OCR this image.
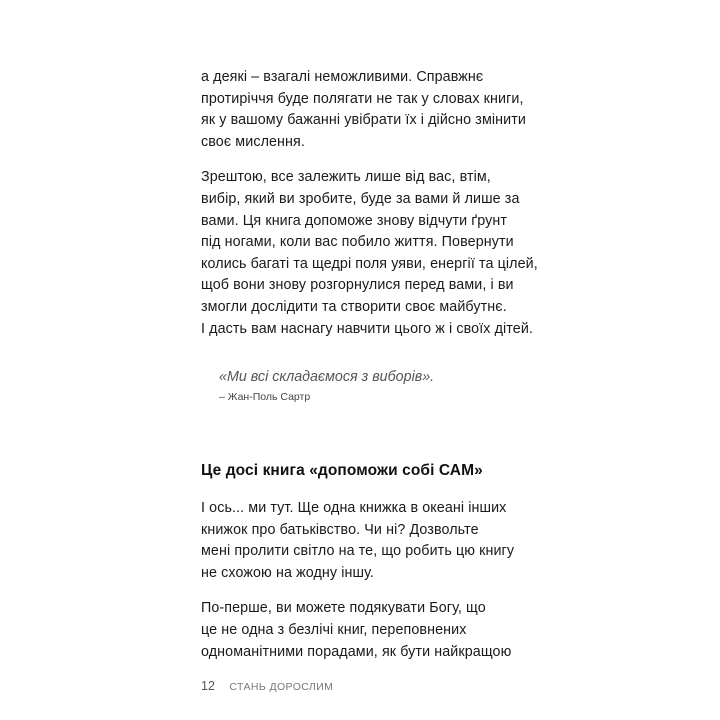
а деякі – взагалі неможливими. Справжнє
протиріччя буде полягати не так у словах книги,
як у вашому бажанні увібрати їх і дійсно змінити
своє мислення.

Зрештою, все залежить лише від вас, втім,
вибір, який ви зробите, буде за вами й лише за
вами. Ця книга допоможе знову відчути ґрунт
під ногами, коли вас побило життя. Повернути
колись багаті та щедрі поля уяви, енергії та цілей,
щоб вони знову розгорнулися перед вами, і ви
змогли дослідити та створити своє майбутнє.
І дасть вам наснагу навчити цього ж і своїх дітей.

«Ми всі складаємося з виборів».
– Жан-Поль Сартр
Це досі книга «допоможи собі САМ»

І ось... ми тут. Ще одна книжка в океані інших
книжок про батьківство. Чи ні? Дозвольте
мені пролити світло на те, що робить цю книгу
не схожою на жодну іншу.

По-перше, ви можете подякувати Богу, що
це не одна з безлічі книг, переповнених
одноманітними порадами, як бути найкращою

12 СТАНЬ ДОРОСЛИМ
